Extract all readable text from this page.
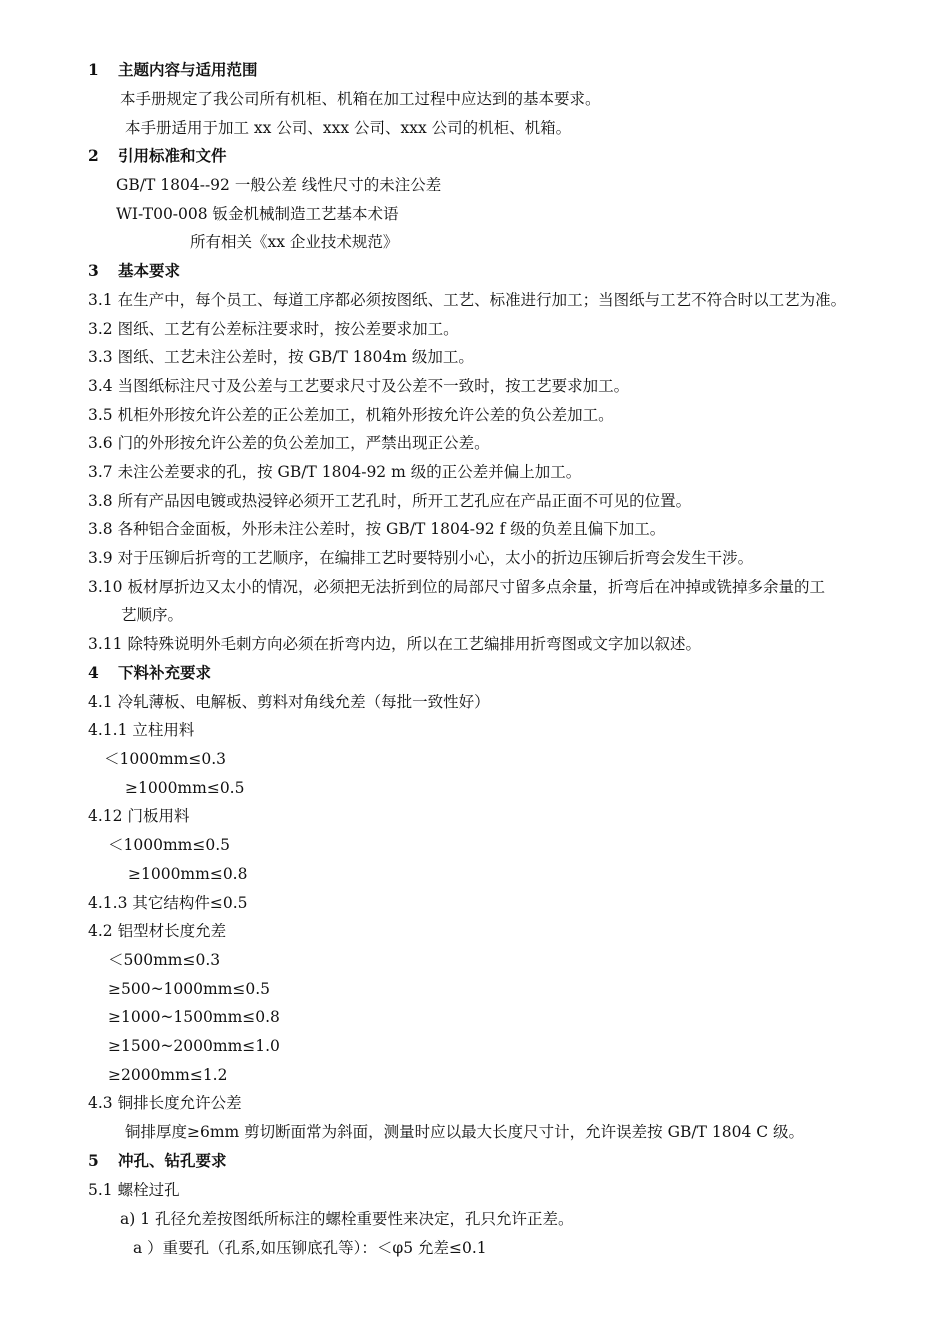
1 主题内容与适用范围
本手册规定了我公司所有机柜、机箱在加工过程中应达到的基本要求。
本手册适用于加工 xx 公司、xxx 公司、xxx 公司的机柜、机箱。
2 引用标准和文件
GB/T 1804--92 一般公差 线性尺寸的未注公差
WI-T00-008 钣金机械制造工艺基本术语
所有相关《xx 企业技术规范》
3 基本要求
3.1 在生产中，每个员工、每道工序都必须按图纸、工艺、标准进行加工；当图纸与工艺不符合时以工艺为准。
3.2 图纸、工艺有公差标注要求时，按公差要求加工。
3.3 图纸、工艺未注公差时，按 GB/T 1804m 级加工。
3.4 当图纸标注尺寸及公差与工艺要求尺寸及公差不一致时，按工艺要求加工。
3.5 机柜外形按允许公差的正公差加工，机箱外形按允许公差的负公差加工。
3.6 门的外形按允许公差的负公差加工，严禁出现正公差。
3.7 未注公差要求的孔，按 GB/T 1804-92 m 级的正公差并偏上加工。
3.8 所有产品因电镀或热浸锌必须开工艺孔时，所开工艺孔应在产品正面不可见的位置。
3.8 各种铝合金面板，外形未注公差时，按 GB/T 1804-92 f 级的负差且偏下加工。
3.9 对于压铆后折弯的工艺顺序，在编排工艺时要特别小心，太小的折边压铆后折弯会发生干涉。
3.10 板材厚折边又太小的情况，必须把无法折到位的局部尺寸留多点余量，折弯后在冲掉或铣掉多余量的工
艺顺序。
3.11 除特殊说明外毛刺方向必须在折弯内边，所以在工艺编排用折弯图或文字加以叙述。
4 下料补充要求
4.1 冷轧薄板、电解板、剪料对角线允差（每批一致性好）
4.1.1 立柱用料
＜1000mm≤0.3
≥1000mm≤0.5
4.12 门板用料
＜1000mm≤0.5
≥1000mm≤0.8
4.1.3 其它结构件≤0.5
4.2 铝型材长度允差
＜500mm≤0.3
≥500~1000mm≤0.5
≥1000~1500mm≤0.8
≥1500~2000mm≤1.0
≥2000mm≤1.2
4.3 铜排长度允许公差
铜排厚度≥6mm 剪切断面常为斜面，测量时应以最大长度尺寸计，允许误差按 GB/T 1804 C 级。
5 冲孔、钻孔要求
5.1 螺栓过孔
a) 1 孔径允差按图纸所标注的螺栓重要性来决定，孔只允许正差。
a ）重要孔（孔系,如压铆底孔等）：＜φ5 允差≤0.1
